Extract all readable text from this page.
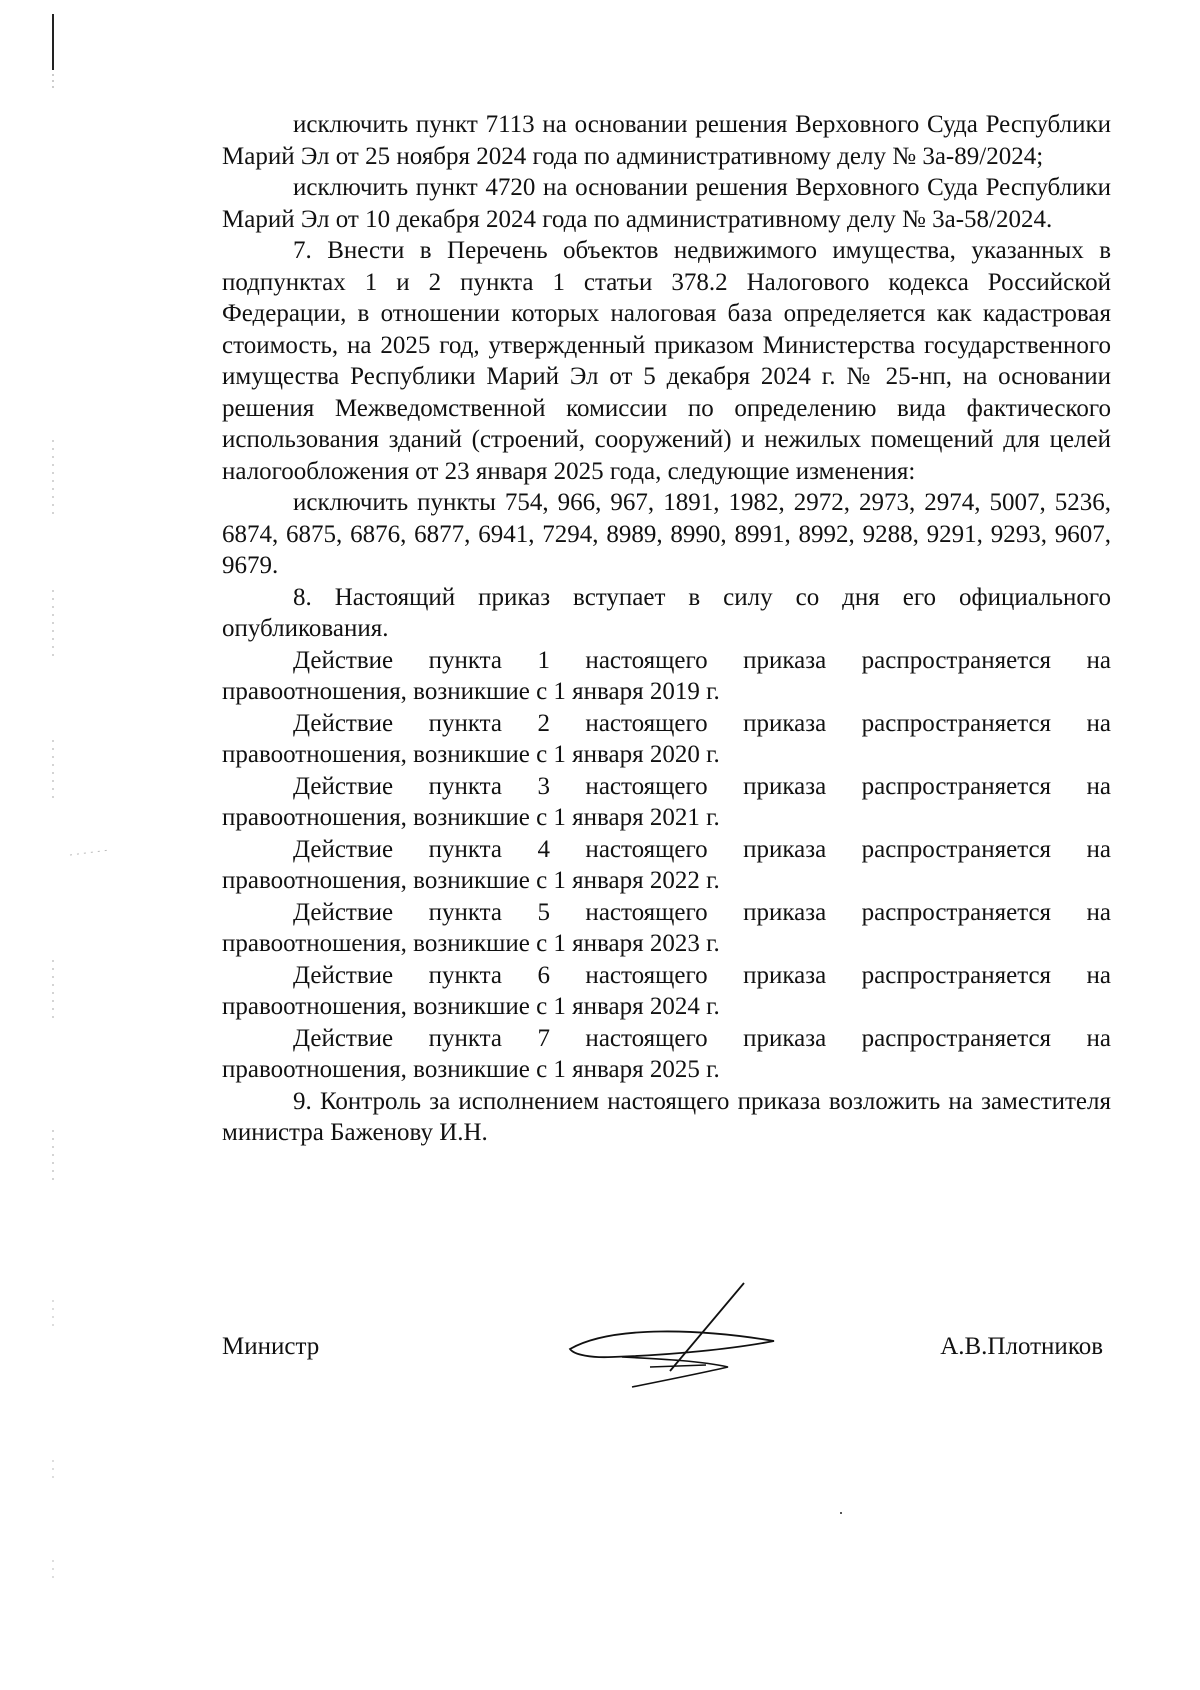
исключить пункт 7113 на основании решения Верховного Суда Республики Марий Эл от 25 ноября 2024 года по административному делу № 3а-89/2024;

исключить пункт 4720 на основании решения Верховного Суда Республики Марий Эл от 10 декабря 2024 года по административному делу № 3а-58/2024.

7. Внести в Перечень объектов недвижимого имущества, указанных в подпунктах 1 и 2 пункта 1 статьи 378.2 Налогового кодекса Российской Федерации, в отношении которых налоговая база определяется как кадастровая стоимость, на 2025 год, утвержденный приказом Министерства государственного имущества Республики Марий Эл от 5 декабря 2024 г. № 25-нп, на основании решения Межведомственной комиссии по определению вида фактического использования зданий (строений, сооружений) и нежилых помещений для целей налогообложения от 23 января 2025 года, следующие изменения:

исключить пункты 754, 966, 967, 1891, 1982, 2972, 2973, 2974, 5007, 5236, 6874, 6875, 6876, 6877, 6941, 7294, 8989, 8990, 8991, 8992, 9288, 9291, 9293, 9607, 9679.

8. Настоящий приказ вступает в силу со дня его официального опубликования.

Действие пункта 1 настоящего приказа распространяется на правоотношения, возникшие с 1 января 2019 г.

Действие пункта 2 настоящего приказа распространяется на правоотношения, возникшие с 1 января 2020 г.

Действие пункта 3 настоящего приказа распространяется на правоотношения, возникшие с 1 января 2021 г.

Действие пункта 4 настоящего приказа распространяется на правоотношения, возникшие с 1 января 2022 г.

Действие пункта 5 настоящего приказа распространяется на правоотношения, возникшие с 1 января 2023 г.

Действие пункта 6 настоящего приказа распространяется на правоотношения, возникшие с 1 января 2024 г.

Действие пункта 7 настоящего приказа распространяется на правоотношения, возникшие с 1 января 2025 г.

9. Контроль за исполнением настоящего приказа возложить на заместителя министра Баженову И.Н.

Министр	А.В.Плотников
